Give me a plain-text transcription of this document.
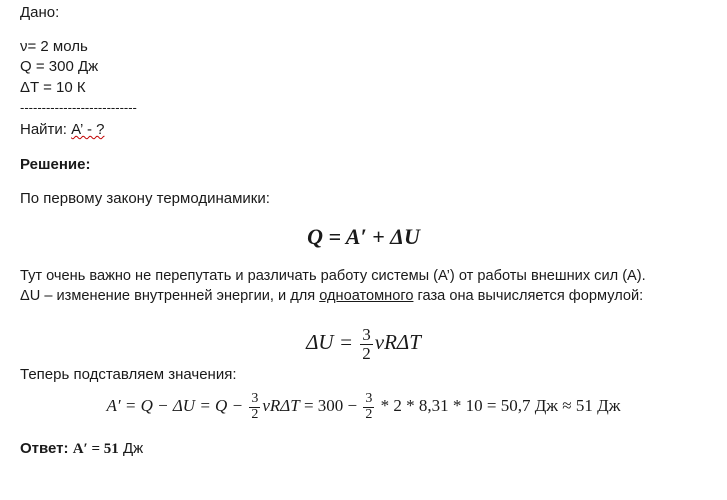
Дано:
ν= 2 моль
Q = 300 Дж
ΔT = 10 К
---------------------------
Найти: A’ - ?
Решение:
По первому закону термодинамики:
Q = A′ + ΔU
Тут очень важно не перепутать и различать работу системы (A’) от работы внешних сил (A).
ΔU – изменение внутренней энергии, и для одноатомного газа она вычисляется формулой:
$\Delta U = \frac{3}{2}$ νRΔT
Теперь подставляем значения:
$A' = Q - \Delta U = Q - \frac{3}{2}$ $\nu R\Delta T = 300 - \frac{3}{2} * 2 * 8,31 * 10 = 50,7$ Дж ≈ 51 Дж
Ответ: A′ = 51 Дж
